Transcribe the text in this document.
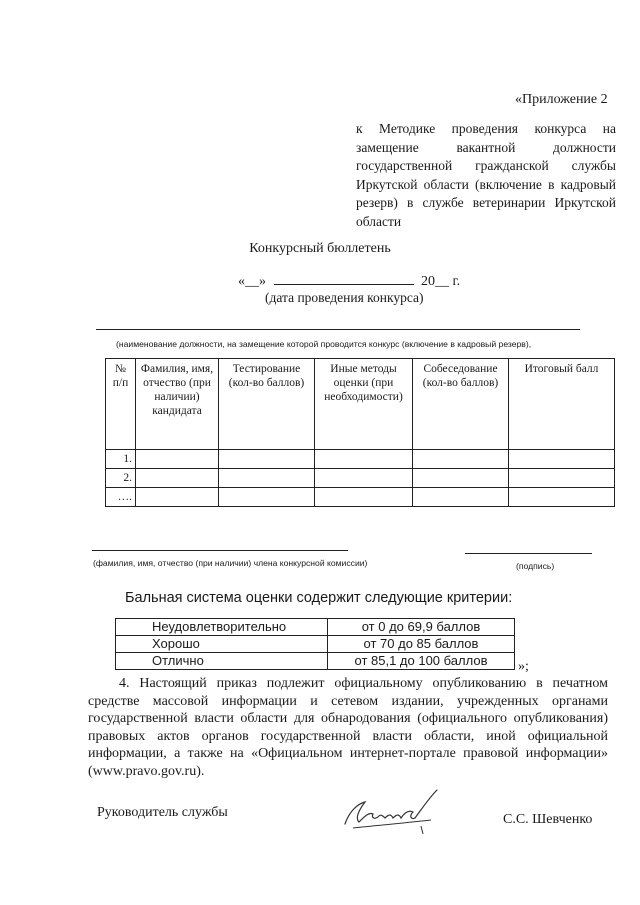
«Приложение 2
к Методике проведения конкурса на замещение вакантной должности государственной гражданской службы Иркутской области (включение в кадровый резерв) в службе ветеринарии Иркутской области
Конкурсный бюллетень
«__»	20__ г.
(дата проведения конкурса)
(наименование должности, на замещение которой проводится конкурс (включение в кадровый резерв),
№ п/п	Фамилия, имя, отчество (при наличии) кандидата	Тестирование (кол-во баллов)	Иные методы оценки (при необходимости)	Собеседование (кол-во баллов)	Итоговый балл
1.					
2.					
….					
(фамилия, имя, отчество (при наличии) члена конкурсной комиссии)	(подпись)
Бальная система оценки содержит следующие критерии:
Неудовлетворительно	от 0 до 69,9 баллов
Хорошо	от 70 до 85 баллов
Отлично	от 85,1 до 100 баллов »;
4. Настоящий приказ подлежит официальному опубликованию в печатном средстве массовой информации и сетевом издании, учрежденных органами государственной власти области для обнародования (официального опубликования) правовых актов органов государственной власти области, иной официальной информации, а также на «Официальном интернет-портале правовой информации» (www.pravo.gov.ru).
Руководитель службы	С.С. Шевченко
